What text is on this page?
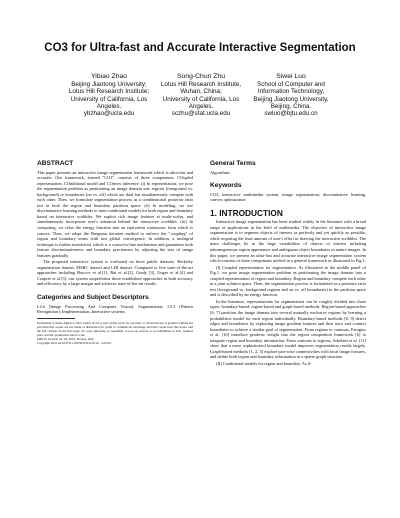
CO3 for Ultra-fast and Accurate Interactive Segmentation
Yibiao Zhao
Beijing Jiaotong University;
Lotus Hill Research Institute;
University of California, Los
Angeles.
ybzhao@ucla.edu
Song-Chun Zhu
Lotus Hill Research Institute,
Wuhan, China;
University of California, Los
Angeles.
sczhu@stat.ucla.edu
Siwei Luo
School of Computer and
Information Technology,
Beijing Jiaotong University,
Beijing, China.
swluo@bjtu.edu.cn
ABSTRACT

This paper presents an interactive image segmentation framework which is ultra-fast and accurate. Our framework, termed "CO3", consists of three components: COupled representation, COnditional model and COnvex inference. (i) In representation, we pose the segmentation problem as partitioning an image domain into regions (foreground vs. background) or boundaries (on vs. off) which are dual but simultaneously compete with each other. Then, we formulate segmentation process as a combinatorial posterior ratio test in both the region and boundary partition space. (ii) In modeling, we use discriminative learning methods to train conditional models for both region and boundary based on interactive scribbles. We exploit rich image features at multi-scales, and simultaneously incorporate user's intention behind the interactive scribbles. (iii) In computing, we relax the energy function into an equivalent continuous form which is convex. Then, we adopt the Bregman iteration method to enforce the "coupling" of region and boundary terms with fast global convergence. In addition, a multigrid technique is further introduced, which is a coarse-to-fine mechanism and guarantees both feature discriminativeness and boundary preciseness by adjusting the size of image features gradually.

The proposed interactive system is evaluated on three public datasets: Berkeley segmentation dataset, MSRC dataset and LHI dataset. Compared to five state-of-the-art approaches including Boycov et al.[1], Bai et al.[2], Grady [3], Unger et al.[4] and Couprie et al.[5], our system outperforms those established approaches in both accuracy and efficiency by a large margin and achieves state-of-the-art results.

Categories and Subject Descriptors

I.4.6 [Image Processing And Computer Vision]: Segmentation; I.5.3 [Pattern Recognition]: Implementation–Interactive systems

Permission to make digital or hard copies of all or part of this work for personal or classroom use is granted without fee provided that copies are not made or distributed for profit or commercial advantage and that copies bear this notice and the full citation on the first page. To copy otherwise, to republish, to post on servers or to redistribute to lists, requires prior specific permission and/or a fee.
MM'10, October 25–29, 2010, Firenze, Italy.
Copyright 2010 ACM 978-1-60558-933-6/10/10 ...$10.00.
General Terms

Algorithms

Keywords

CO3, interactive multimedia system, image segmentation, discriminative learning, convex optimization

1. INTRODUCTION

Interactive image segmentation has been studied widely in the literature with a broad range of applications in the field of multimedia. The objective of interactive image segmentation is to segment objects of interest as perfectly and yet quickly as possible, while requiring the least amount of user's effort in drawing the interactive scribbles. The main challenges lie in the large variabilities of objects of interest including inhomogeneous region appearance and ambiguous object boundaries in nature images. In this paper, we present an ultra-fast and accurate interactive image segmentation system which consists of three components unified in a general framework as illustrated in Fig.1:

(I) Coupled representation for segmentation. As illustrated in the middle panel of Fig.1, we pose image segmentation problem as partitioning the image domain into a coupled representation of region and boundary. Region and boundary compete each other in a joint solution space. Then, the segmentation process is formulated as a posterior ratio test (foreground vs. background regions and on vs. off boundaries) in the partition space and is described by an energy function.

In the literature, representations for segmentation can be roughly divided into three types: boundary-based, region-based and graph-based methods. Region-based approaches [6, 7] partition the image domain into several mutually exclusive regions by learning a probabilistic model for each region individually. Boundary-based methods [8, 9] detect edges and boundaries by exploiting image gradient features and then trace and connect boundaries to achieve a similar goal of segmentation. From regions to contours, Paragios et al. [10] introduce geodesic weight into the region competition framework [6] to integrate region and boundary information. From contours to regions, Arbelaez et al. [11] show that a more sophisticated boundary model improves segmentation results largely. Graph-based methods [1, 2, 3] explore pair-wise connectivities with local image features, and define both region and boundary information in a sparse graph structure.

(II) Conditional models for region and boundary. As il-
